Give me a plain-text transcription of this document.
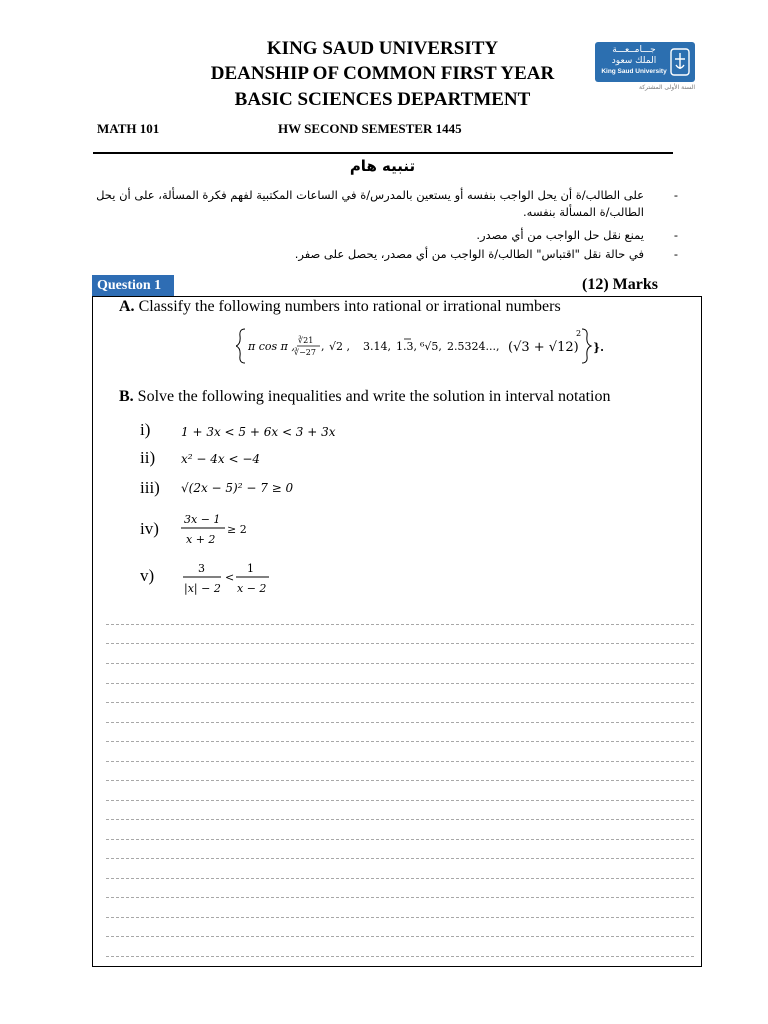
KING SAUD UNIVERSITY
DEANSHIP OF COMMON FIRST YEAR
BASIC SCIENCES DEPARTMENT
جـــامــعـــة الملك سعود
King Saud University
السنة الأولى المشتركة
MATH 101	HW SECOND SEMESTER 1445
تنبيه هام
-
على الطالب/ة أن يحل الواجب بنفسه أو يستعين بالمدرس/ة في الساعات المكتبية لفهم فكرة المسألة، على أن يحل الطالب/ة المسألة بنفسه.
-
يمنع نقل حل الواجب من أي مصدر.
-
في حالة نقل "اقتباس" الطالب/ة الواجب من أي مصدر، يحصل على صفر.
Question 1	(12) Marks
A. Classify the following numbers into rational or irrational numbers
π cos π , ∛21
∛−27 , √2 , 3.14, 1.3, ⁶√5, 2.5324..., (√3 + √12)
2
}.
B. Solve the following inequalities and write the solution in interval notation
i)	1 + 3x < 5 + 6x < 3 + 3x
ii) x² − 4x < −4
iii) √(2x − 5)² − 7 ≥ 0
iv) 3x − 1
x + 2
≥ 2
v)	3
|x| − 2
<
1
x − 2
